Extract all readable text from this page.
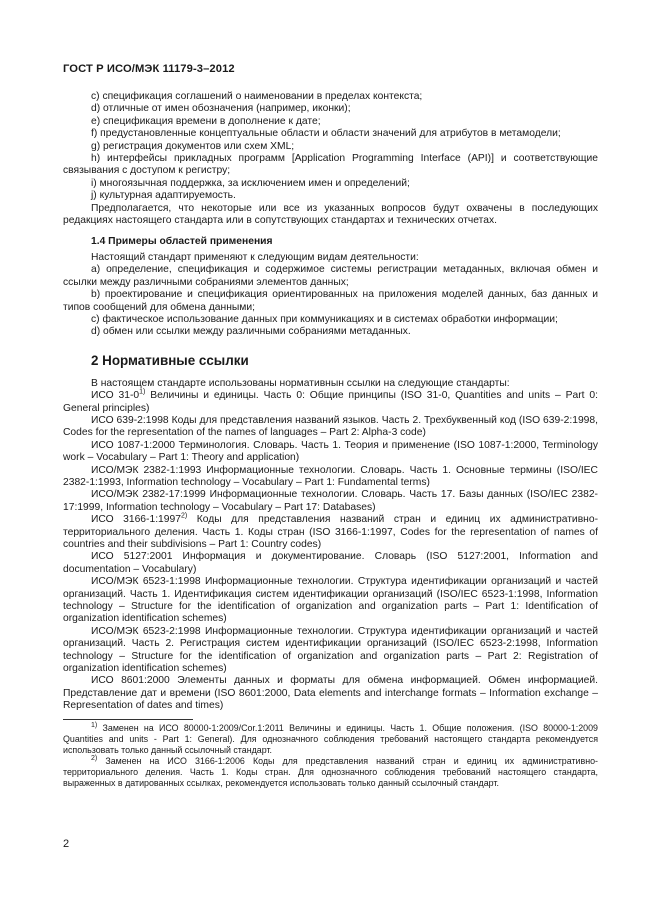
ГОСТ Р ИСО/МЭК 11179-3–2012

c) спецификация соглашений о наименовании в пределах контекста;

d) отличные от имен обозначения (например, иконки);

e) спецификация времени в дополнение к дате;

f) предустановленные концептуальные области и области значений для атрибутов в метамодели;

g) регистрация документов или схем XML;

h) интерфейсы прикладных программ [Application Programming Interface (API)] и соответствующие связывания с доступом к регистру;

i) многоязычная поддержка, за исключением имен и определений;

j) культурная адаптируемость.

Предполагается, что некоторые или все из указанных вопросов будут охвачены в последующих редакциях настоящего стандарта или в сопутствующих стандартах и технических отчетах.

1.4 Примеры областей применения

Настоящий стандарт применяют к следующим видам деятельности:

a) определение, спецификация и содержимое системы регистрации метаданных, включая обмен и ссылки между различными собраниями элементов данных;

b) проектирование и спецификация ориентированных на приложения моделей данных, баз данных и типов сообщений для обмена данными;

c) фактическое использование данных при коммуникациях и в системах обработки информации;

d) обмен или ссылки между различными собраниями метаданных.

2 Нормативные ссылки

В настоящем стандарте использованы нормативнын ссылки на следующие стандарты:

ИСО 31-0$^{1)}$ Величины и единицы. Часть 0: Общие принципы (ISO 31-0, Quantities and units – Part 0: General principles)

ИСО 639-2:1998 Коды для представления названий языков. Часть 2. Трехбуквенный код (ISO 639-2:1998, Codes for the representation of the names of languages – Part 2: Alpha-3 code)

ИСО 1087-1:2000 Терминология. Словарь. Часть 1. Теория и применение (ISO 1087-1:2000, Terminology work – Vocabulary – Part 1: Theory and application)

ИСО/МЭК 2382-1:1993 Информационные технологии. Словарь. Часть 1. Основные термины (ISO/IEC 2382-1:1993, Information technology – Vocabulary – Part 1: Fundamental terms)

ИСО/МЭК 2382-17:1999 Информационные технологии. Словарь. Часть 17. Базы данных (ISO/IEC 2382-17:1999, Information technology – Vocabulary – Part 17: Databases)

ИСО 3166-1:1997$^{2)}$ Коды для представления названий стран и единиц их административно-территориального деления. Часть 1. Коды стран (ISO 3166-1:1997, Codes for the representation of names of countries and their subdivisions – Part 1: Country codes)

ИСО 5127:2001 Информация и документирование. Словарь (ISO 5127:2001, Information and documentation – Vocabulary)

ИСО/МЭК 6523-1:1998 Информационные технологии. Структура идентификации организаций и частей организаций. Часть 1. Идентификация систем идентификации организаций (ISO/IEC 6523-1:1998, Information technology – Structure for the identification of organization and organization parts – Part 1: Identification of organization identification schemes)

ИСО/МЭК 6523-2:1998 Информационные технологии. Структура идентификации организаций и частей организаций. Часть 2. Регистрация систем идентификации организаций (ISO/IEC 6523-2:1998, Information technology – Structure for the identification of organization and organization parts – Part 2: Registration of organization identification schemes)

ИСО 8601:2000 Элементы данных и форматы для обмена информацией. Обмен информацией. Представление дат и времени (ISO 8601:2000, Data elements and interchange formats – Information exchange – Representation of dates and times)

$^{1)}$ Заменен на ИСО 80000-1:2009/Cor.1:2011 Величины и единицы. Часть 1. Общие положения. (ISO 80000-1:2009 Quantities and units - Part 1: General). Для однозначного соблюдения требований настоящего стандарта рекомендуется использовать только данный ссылочный стандарт.

$^{2)}$ Заменен на ИСО 3166-1:2006 Коды для представления названий стран и единиц их административно-территориального деления. Часть 1. Коды стран. Для однозначного соблюдения требований настоящего стандарта, выраженных в датированных ссылках, рекомендуется использовать только данный ссылочный стандарт.

2
